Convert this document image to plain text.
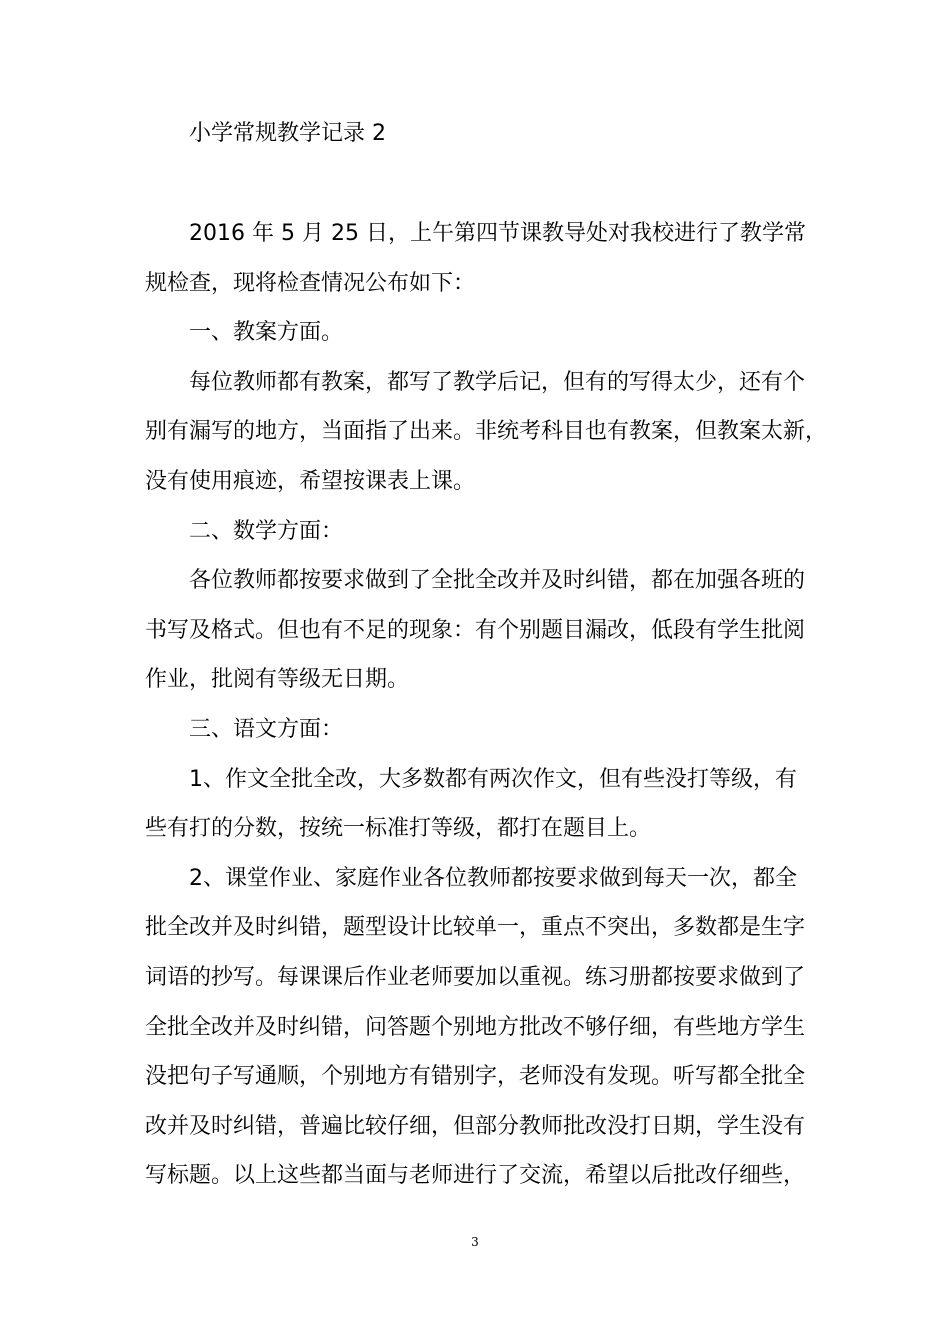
小学常规教学记录 2
2016 年 5 月 25 日，上午第四节课教导处对我校进行了教学常
规检查，现将检查情况公布如下：
一、教案方面。
每位教师都有教案，都写了教学后记，但有的写得太少，还有个
别有漏写的地方，当面指了出来。非统考科目也有教案，但教案太新，
没有使用痕迹，希望按课表上课。
二、数学方面：
各位教师都按要求做到了全批全改并及时纠错，都在加强各班的
书写及格式。但也有不足的现象：有个别题目漏改，低段有学生批阅
作业，批阅有等级无日期。
三、语文方面：
1、作文全批全改，大多数都有两次作文，但有些没打等级，有
些有打的分数，按统一标准打等级，都打在题目上。
2、课堂作业、家庭作业各位教师都按要求做到每天一次，都全
批全改并及时纠错，题型设计比较单一，重点不突出，多数都是生字
词语的抄写。每课课后作业老师要加以重视。练习册都按要求做到了
全批全改并及时纠错，问答题个别地方批改不够仔细，有些地方学生
没把句子写通顺，个别地方有错别字，老师没有发现。听写都全批全
改并及时纠错，普遍比较仔细，但部分教师批改没打日期，学生没有
写标题。以上这些都当面与老师进行了交流，希望以后批改仔细些，
3
